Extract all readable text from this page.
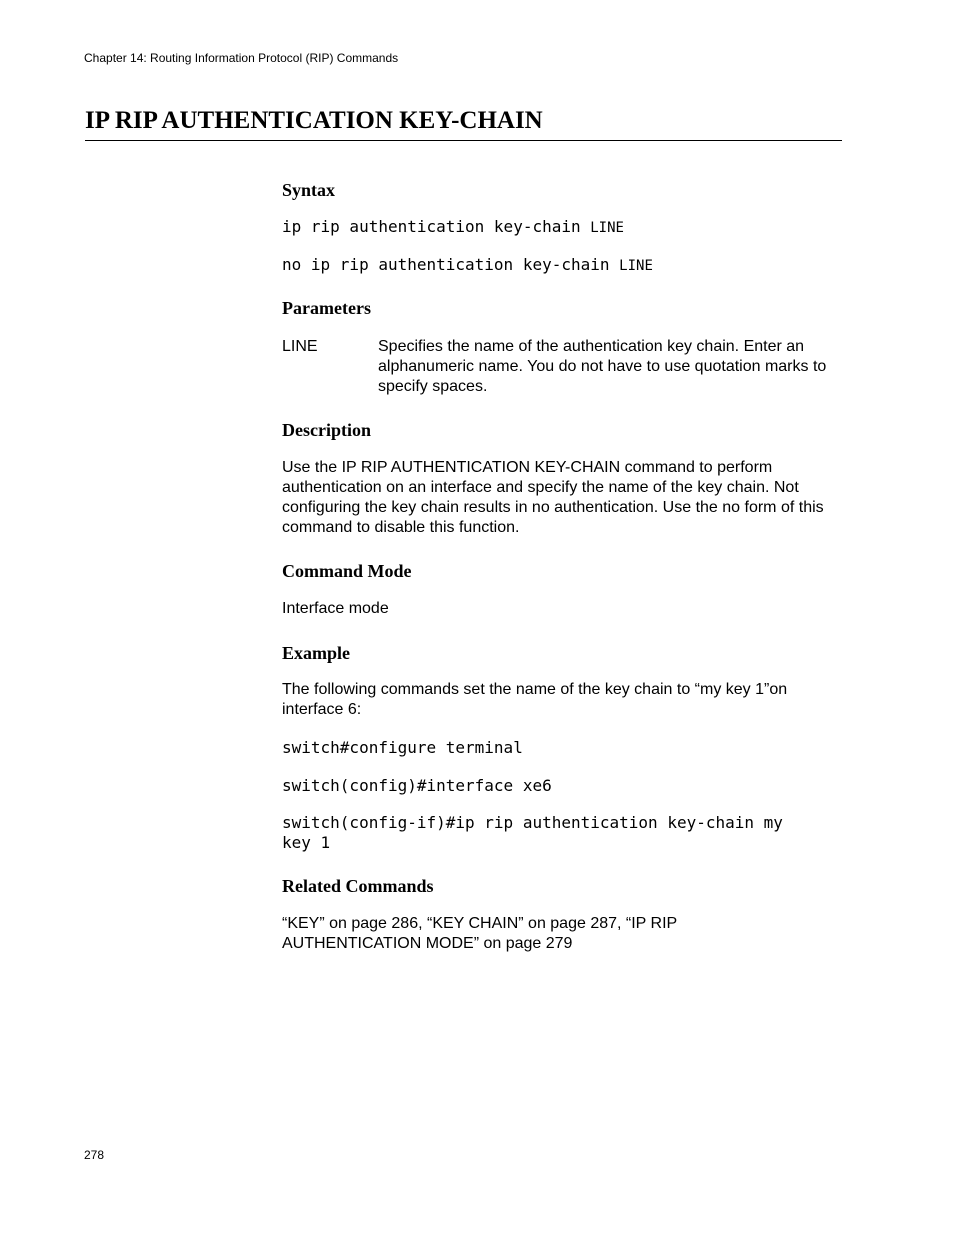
Chapter 14: Routing Information Protocol (RIP) Commands
IP RIP AUTHENTICATION KEY-CHAIN
Syntax
ip rip authentication key-chain LINE
no ip rip authentication key-chain LINE
Parameters
LINE	Specifies the name of the authentication key chain. Enter an alphanumeric name. You do not have to use quotation marks to specify spaces.
Description

Use the IP RIP AUTHENTICATION KEY-CHAIN command to perform authentication on an interface and specify the name of the key chain. Not configuring the key chain results in no authentication. Use the no form of this command to disable this function.

Command Mode

Interface mode

Example

The following commands set the name of the key chain to “my key 1”on interface 6:

switch#configure terminal
switch(config)#interface xe6
switch(config-if)#ip rip authentication key-chain my
key 1
Related Commands

“KEY” on page 286, “KEY CHAIN” on page 287, “IP RIP AUTHENTICATION MODE” on page 279

278
